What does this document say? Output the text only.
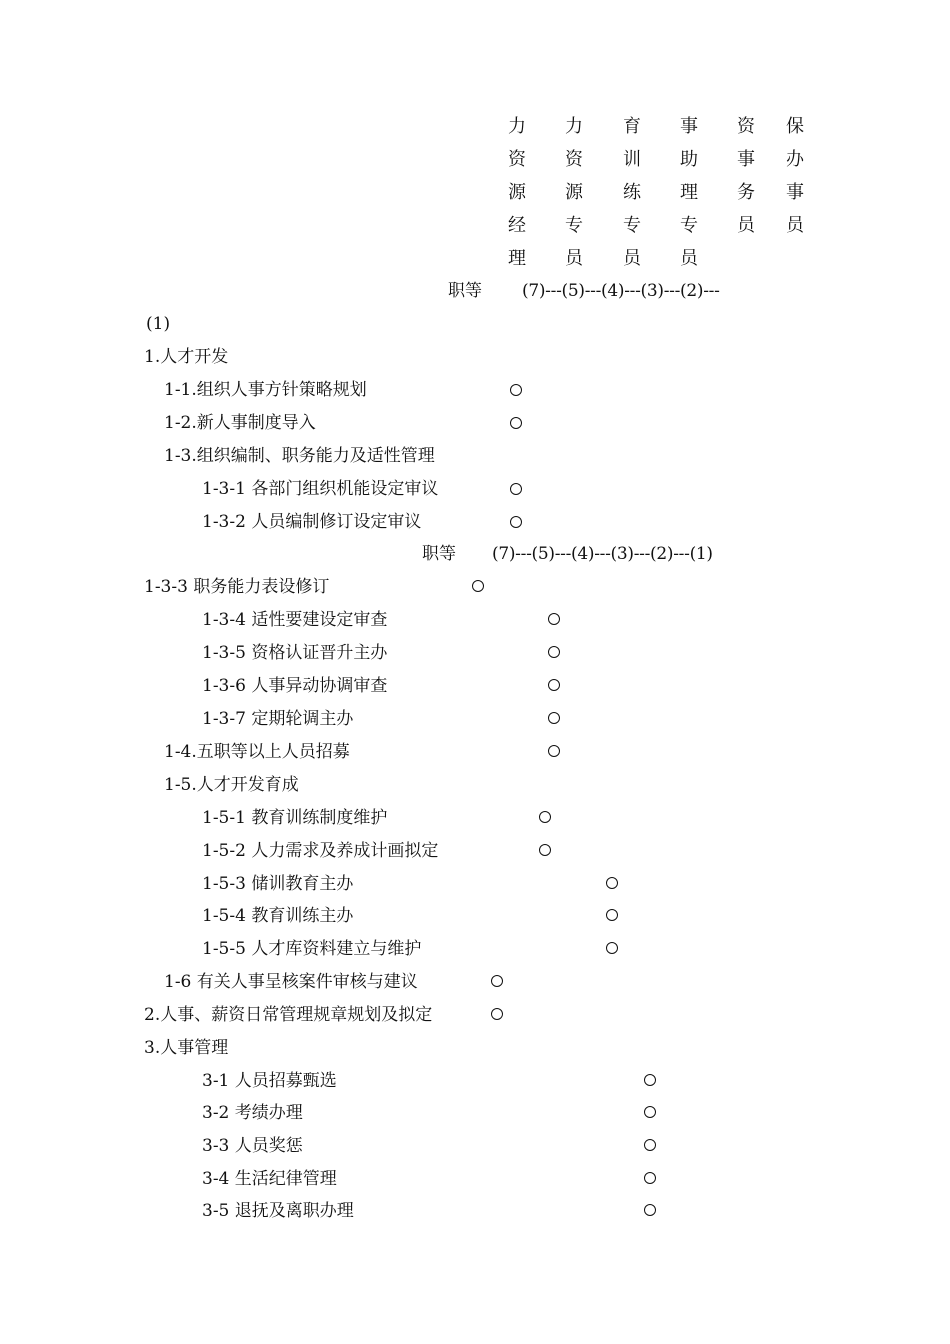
力
资
源
经
理
力
资
源
专
员
育
训
练
专
员
事
助
理
专
员
资
事
务
员
保
办
事
员
职等 (7)---(5)---(4)---(3)---(2)---
(1)
1.人才开发
1-1.组织人事方针策略规划
1-2.新人事制度导入
1-3.组织编制、职务能力及适性管理
1-3-1 各部门组织机能设定审议
1-3-2 人员编制修订设定审议
职等 (7)---(5)---(4)---(3)---(2)---(1)
1-3-3 职务能力表设修订
1-3-4 适性要建设定审查
1-3-5 资格认证晋升主办
1-3-6 人事异动协调审查
1-3-7 定期轮调主办
1-4.五职等以上人员招募
1-5.人才开发育成
1-5-1 教育训练制度维护
1-5-2 人力需求及养成计画拟定
1-5-3 储训教育主办
1-5-4 教育训练主办
1-5-5 人才库资料建立与维护
1-6 有关人事呈核案件审核与建议
2.人事、薪资日常管理规章规划及拟定
3.人事管理
3-1 人员招募甄选
3-2 考绩办理
3-3 人员奖惩
3-4 生活纪律管理
3-5 退抚及离职办理
